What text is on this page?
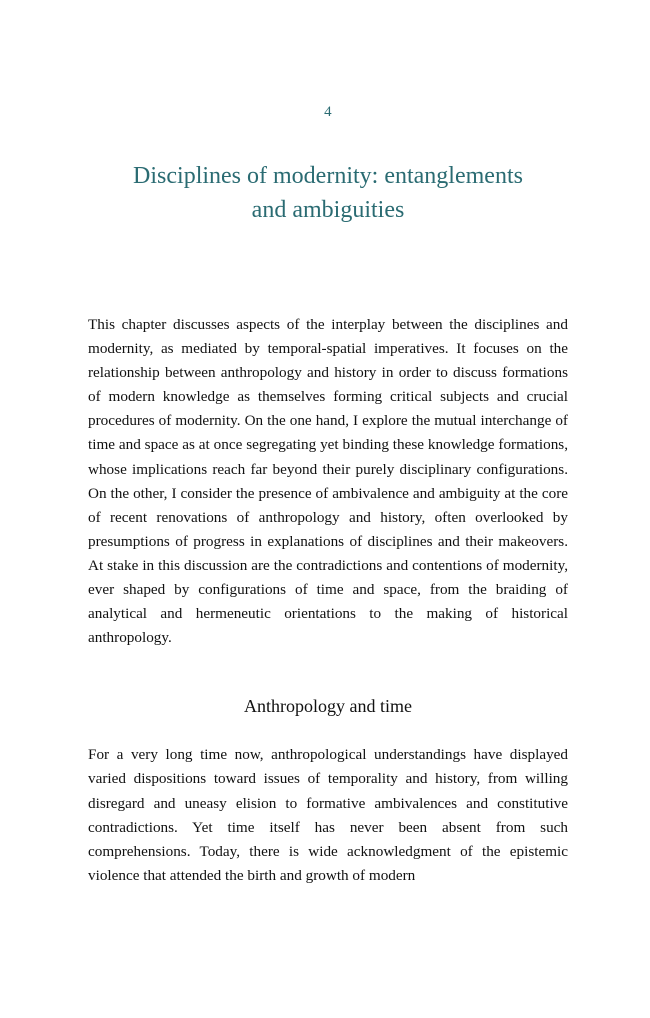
4
Disciplines of modernity: entanglements
and ambiguities

This chapter discusses aspects of the interplay between the disciplines and modernity, as mediated by temporal-spatial imperatives. It focuses on the relationship between anthropology and history in order to discuss formations of modern knowledge as themselves forming critical subjects and crucial procedures of modernity. On the one hand, I explore the mutual interchange of time and space as at once segregating yet binding these knowledge formations, whose implications reach far beyond their purely disciplinary configurations. On the other, I consider the presence of ambivalence and ambiguity at the core of recent renovations of anthropology and history, often overlooked by presumptions of progress in explanations of disciplines and their makeovers. At stake in this discussion are the contradictions and contentions of modernity, ever shaped by configurations of time and space, from the braiding of analytical and hermeneutic orientations to the making of historical anthropology.

Anthropology and time

For a very long time now, anthropological understandings have displayed varied dispositions toward issues of temporality and history, from willing disregard and uneasy elision to formative ambivalences and constitutive contradictions. Yet time itself has never been absent from such comprehensions. Today, there is wide acknowledgment of the epistemic violence that attended the birth and growth of modern
